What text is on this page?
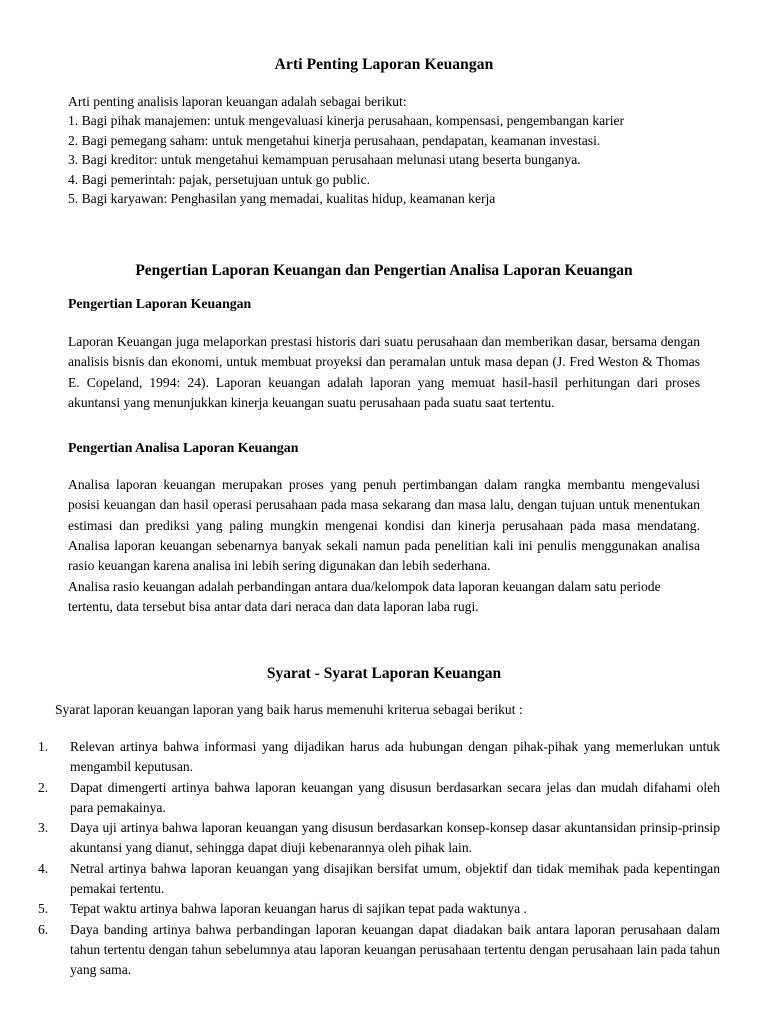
Arti Penting Laporan Keuangan
Arti penting analisis laporan keuangan adalah sebagai berikut:
1. Bagi pihak manajemen: untuk mengevaluasi kinerja perusahaan, kompensasi, pengembangan karier
2. Bagi pemegang saham: untuk mengetahui kinerja perusahaan, pendapatan, keamanan investasi.
3. Bagi kreditor: untuk mengetahui kemampuan perusahaan melunasi utang beserta bunganya.
4. Bagi pemerintah: pajak, persetujuan untuk go public.
5. Bagi karyawan: Penghasilan yang memadai, kualitas hidup, keamanan kerja
Pengertian Laporan Keuangan dan Pengertian Analisa Laporan Keuangan
Pengertian Laporan Keuangan
Laporan Keuangan juga melaporkan prestasi historis dari suatu perusahaan dan memberikan dasar, bersama dengan analisis bisnis dan ekonomi, untuk membuat proyeksi dan peramalan untuk masa depan (J. Fred Weston & Thomas E. Copeland, 1994: 24). Laporan keuangan adalah laporan yang memuat hasil-hasil perhitungan dari proses akuntansi yang menunjukkan kinerja keuangan suatu perusahaan pada suatu saat tertentu.
Pengertian Analisa Laporan Keuangan
Analisa laporan keuangan merupakan proses yang penuh pertimbangan dalam rangka membantu mengevalusi posisi keuangan dan hasil operasi perusahaan pada masa sekarang dan masa lalu, dengan tujuan untuk menentukan estimasi dan prediksi yang paling mungkin mengenai kondisi dan kinerja perusahaan pada masa mendatang. Analisa laporan keuangan sebenarnya banyak sekali namun pada penelitian kali ini penulis menggunakan analisa rasio keuangan karena analisa ini lebih sering digunakan dan lebih sederhana.
Analisa rasio keuangan adalah perbandingan antara dua/kelompok data laporan keuangan dalam satu periode tertentu, data tersebut bisa antar data dari neraca dan data laporan laba rugi.
Syarat - Syarat Laporan Keuangan
Syarat laporan keuangan laporan yang baik harus memenuhi kriterua sebagai berikut :
1.	Relevan artinya bahwa informasi yang dijadikan harus ada hubungan dengan pihak-pihak yang memerlukan untuk mengambil keputusan.
2.	Dapat dimengerti artinya bahwa laporan keuangan yang disusun berdasarkan secara jelas dan mudah difahami oleh para pemakainya.
3.	Daya uji artinya bahwa laporan keuangan yang disusun berdasarkan konsep-konsep dasar akuntansidan prinsip-prinsip akuntansi yang dianut, sehingga dapat diuji kebenarannya oleh pihak lain.
4.	Netral artinya bahwa laporan keuangan yang disajikan bersifat umum, objektif dan tidak memihak pada kepentingan pemakai tertentu.
5.	Tepat waktu artinya bahwa laporan keuangan harus di sajikan tepat pada waktunya .
6.	Daya banding artinya bahwa perbandingan laporan keuangan dapat diadakan baik antara laporan perusahaan dalam tahun tertentu dengan tahun sebelumnya atau laporan keuangan perusahaan tertentu dengan perusahaan lain pada tahun yang sama.
